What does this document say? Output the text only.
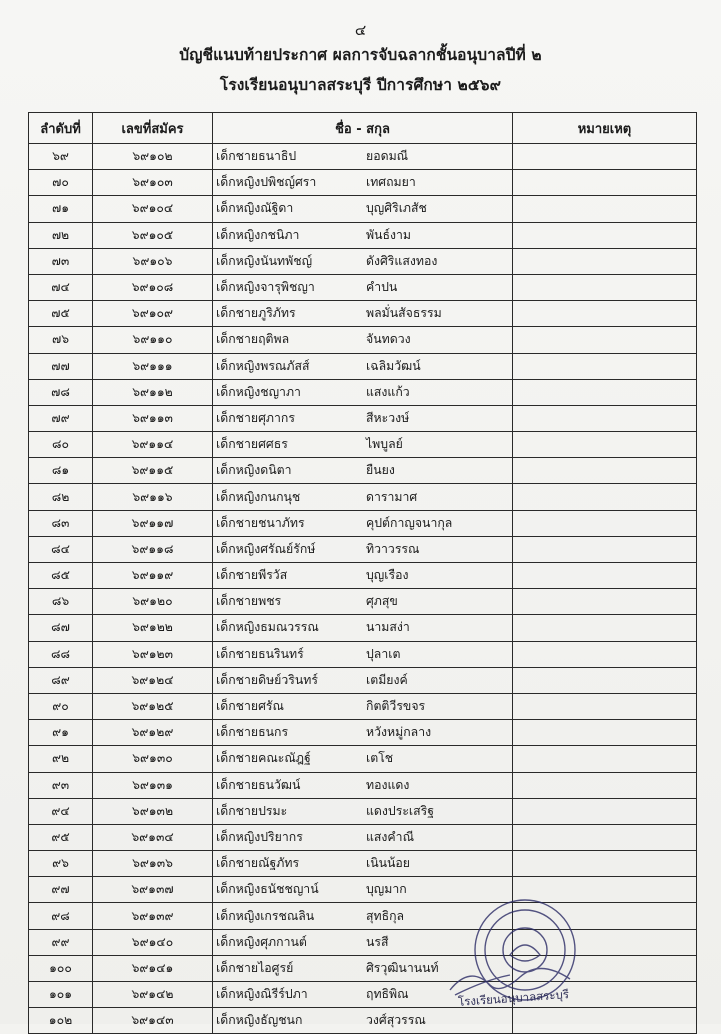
๔
บัญชีแนบท้ายประกาศ ผลการจับฉลากชั้นอนุบาลปีที่ ๒
โรงเรียนอนุบาลสระบุรี ปีการศึกษา ๒๕๖๙
ลำดับที่	เลขที่สมัคร	ชื่อ - สกุล	หมายเหตุ
๖๙	๖๙๑๐๒	เด็กชายธนาธิป ยอดมณี	
๗๐	๖๙๑๐๓	เด็กหญิงปพิชญ์ศรา เทศถมยา	
๗๑	๖๙๑๐๔	เด็กหญิงณัฐิดา บุญศิริเภสัช	
๗๒	๖๙๑๐๕	เด็กหญิงกชนิภา พันธ์งาม	
๗๓	๖๙๑๐๖	เด็กหญิงนันทพัชญ์ ดังศิริแสงทอง	
๗๔	๖๙๑๐๘	เด็กหญิงจารุพิชญา คำปน	
๗๕	๖๙๑๐๙	เด็กชายภูริภัทร พลมั่นสัจธรรม	
๗๖	๖๙๑๑๐	เด็กชายฤติพล จันทดวง	
๗๗	๖๙๑๑๑	เด็กหญิงพรณภัสส์ เฉลิมวัฒน์	
๗๘	๖๙๑๑๒	เด็กหญิงชญาภา แสงแก้ว	
๗๙	๖๙๑๑๓	เด็กชายศุภากร สีหะวงษ์	
๘๐	๖๙๑๑๔	เด็กชายศศธร ไพบูลย์	
๘๑	๖๙๑๑๕	เด็กหญิงดนิตา ยืนยง	
๘๒	๖๙๑๑๖	เด็กหญิงกนกนุช ดารามาศ	
๘๓	๖๙๑๑๗	เด็กชายชนาภัทร คุปต์กาญจนากุล	
๘๔	๖๙๑๑๘	เด็กหญิงศรัณย์รักษ์ ทิวาวรรณ	
๘๕	๖๙๑๑๙	เด็กชายพีรวัส บุญเรือง	
๘๖	๖๙๑๒๐	เด็กชายพชร ศุภสุข	
๘๗	๖๙๑๒๒	เด็กหญิงธมณวรรณ นามสง่า	
๘๘	๖๙๑๒๓	เด็กชายธนรินทร์ ปุลาเต	
๘๙	๖๙๑๒๔	เด็กชายดิษย์วรินทร์ เตมียงค์	
๙๐	๖๙๑๒๕	เด็กชายศรัณ กิตติวีรขจร	
๙๑	๖๙๑๒๙	เด็กชายธนกร หวังหมู่กลาง	
๙๒	๖๙๑๓๐	เด็กชายคณะณัฎฐ์ เตโช	
๙๓	๖๙๑๓๑	เด็กชายธนวัฒน์ ทองแดง	
๙๔	๖๙๑๓๒	เด็กชายปรมะ แดงประเสริฐ	
๙๕	๖๙๑๓๔	เด็กหญิงปริยากร แสงคำณี	
๙๖	๖๙๑๓๖	เด็กชายณัฐภัทร เนินน้อย	
๙๗	๖๙๑๓๗	เด็กหญิงธนัชชญาน์ บุญมาก	
๙๘	๖๙๑๓๙	เด็กหญิงเกรชณลิน สุทธิกุล	
๙๙	๖๙๑๔๐	เด็กหญิงศุภกานต์ นรสี	
๑๐๐	๖๙๑๔๑	เด็กชายไอศูรย์ ศิรวุฒินานนท์	
๑๐๑	๖๙๑๔๒	เด็กหญิงณิรีร์ปภา ฤทธิพิณ	
๑๐๒	๖๙๑๔๓	เด็กหญิงธัญชนก วงศ์สุวรรณ	
โรงเรียนอนุบาลสระบุรี
